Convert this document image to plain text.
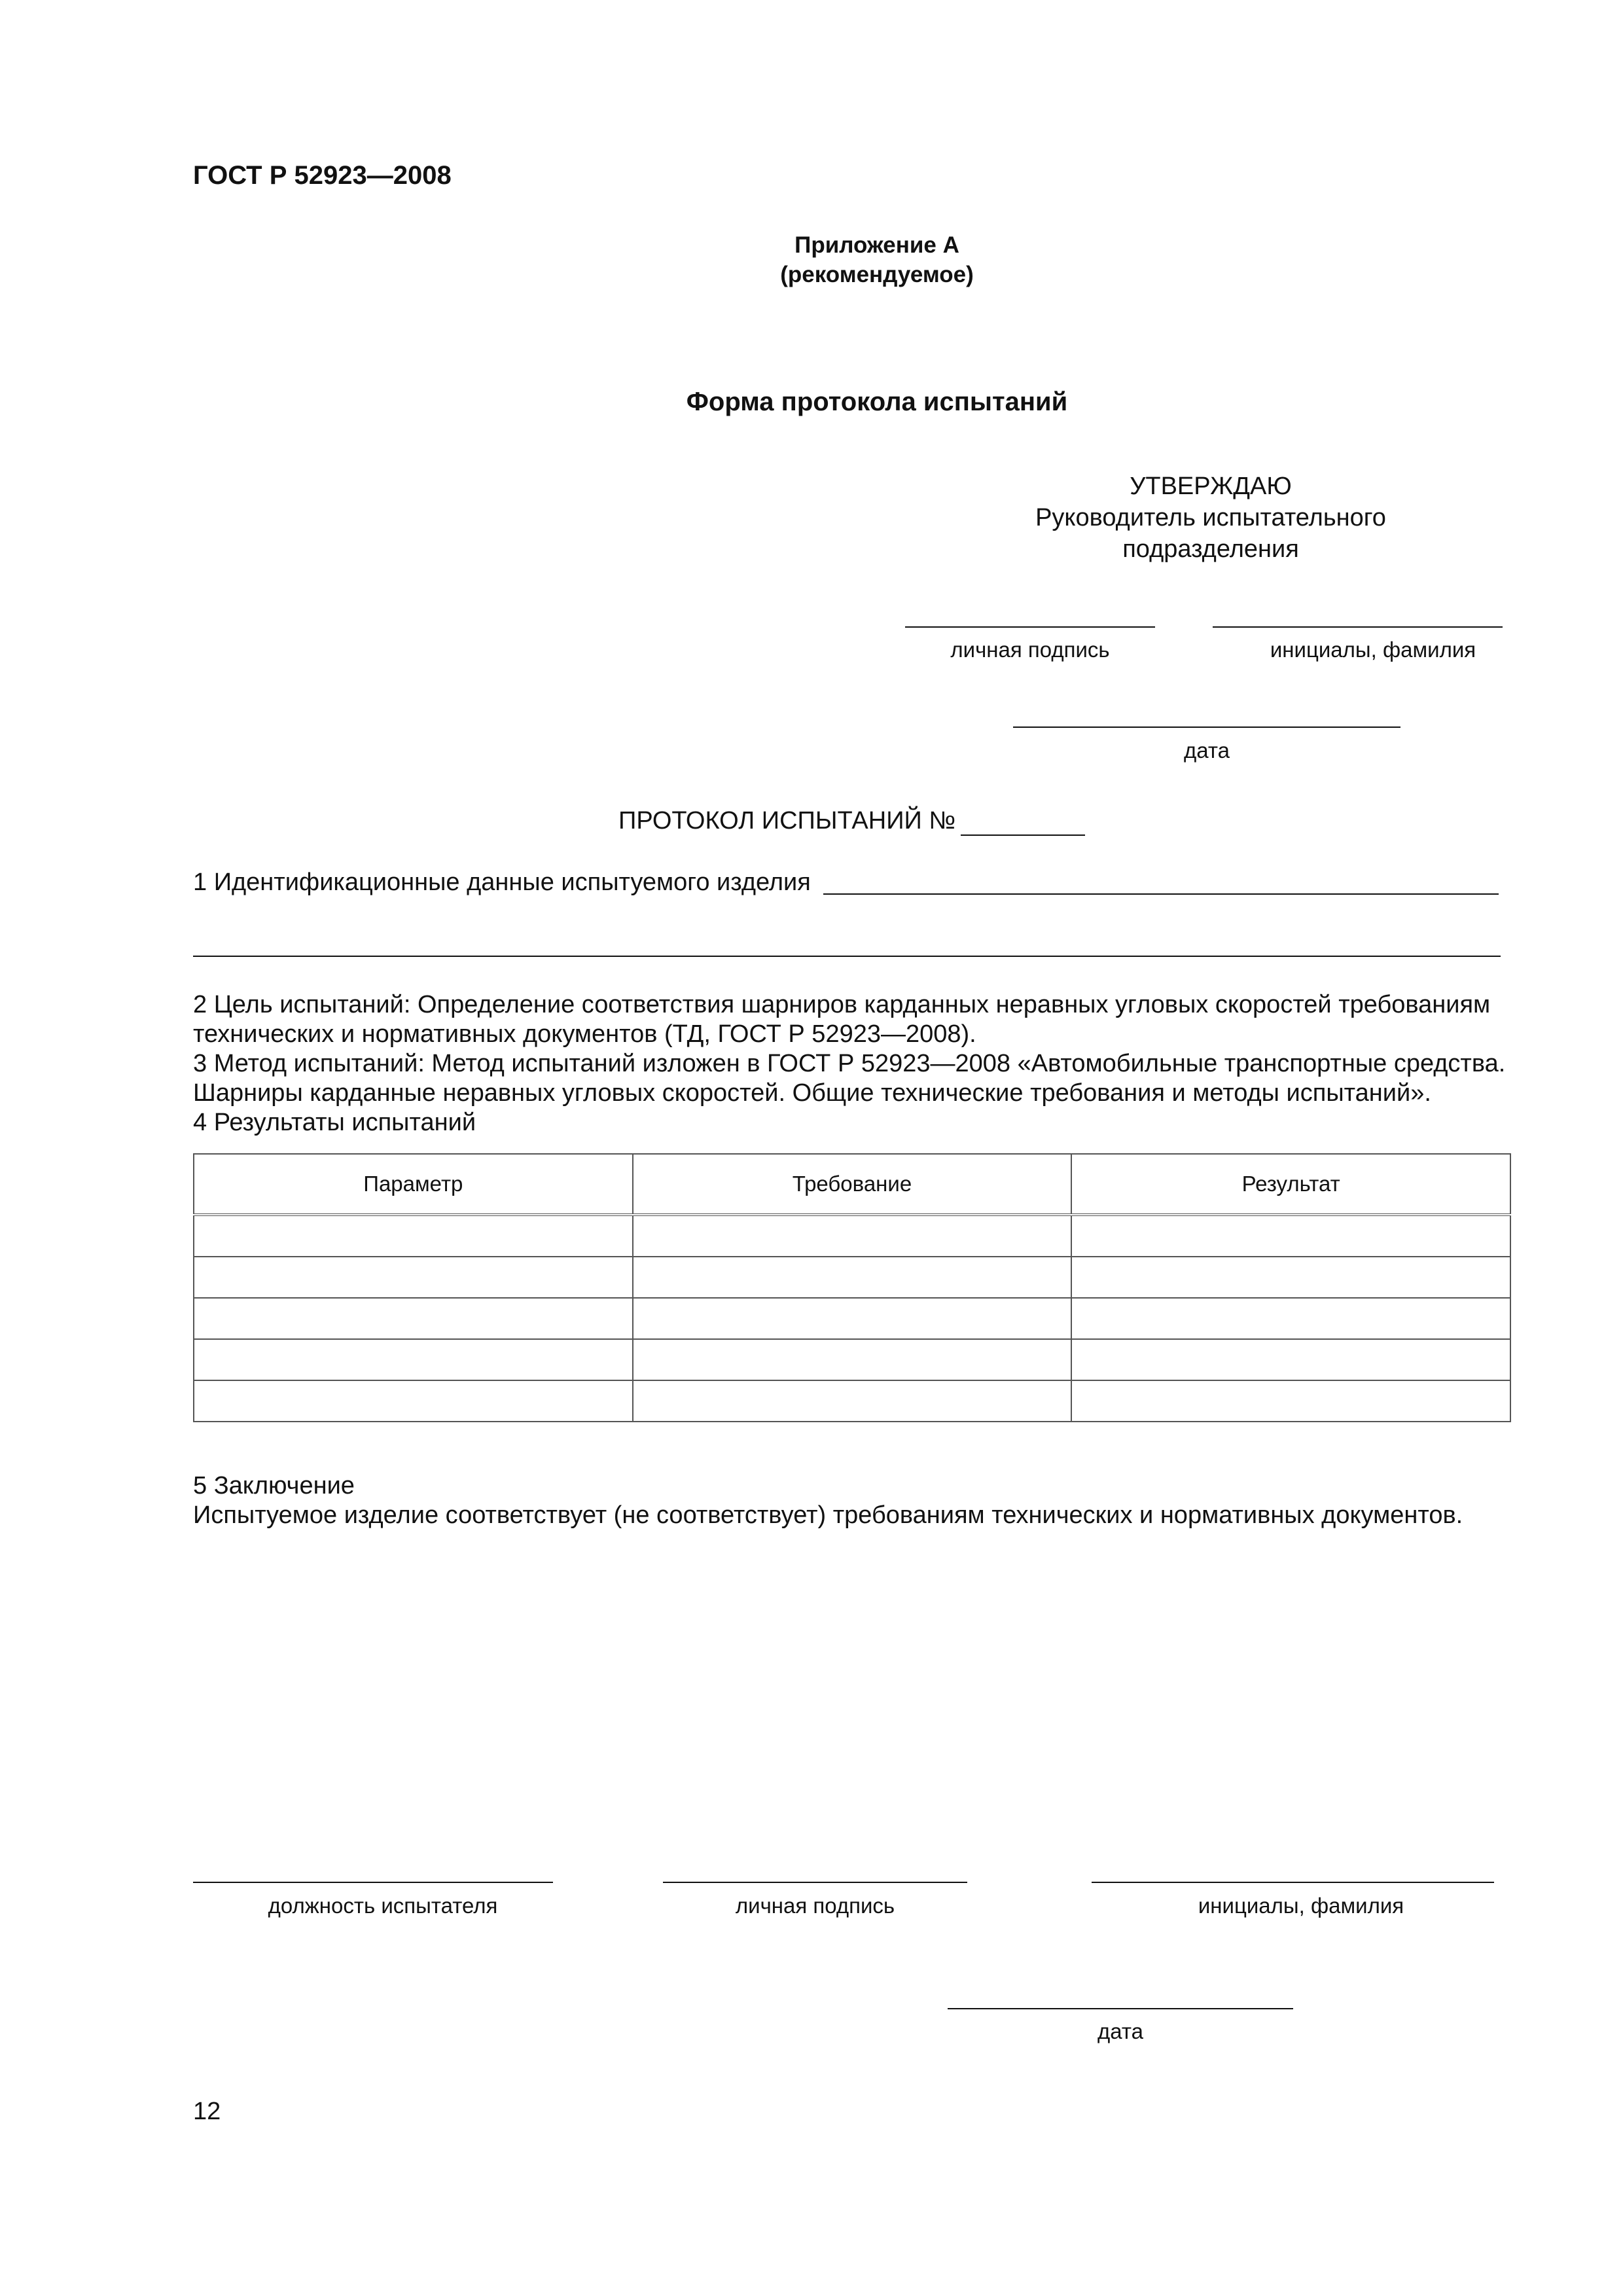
ГОСТ Р 52923—2008
Приложение А
(рекомендуемое)
Форма протокола испытаний
УТВЕРЖДАЮ
Руководитель испытательного
подразделения
личная подпись	инициалы, фамилия
дата
ПРОТОКОЛ ИСПЫТАНИЙ №
1 Идентификационные данные испытуемого изделия
2 Цель испытаний: Определение соответствия шарниров карданных неравных угловых скоростей требованиям
технических и нормативных документов (ТД, ГОСТ Р 52923—2008).
3 Метод испытаний: Метод испытаний изложен в ГОСТ Р 52923—2008 «Автомобильные транспортные средства.
Шарниры карданные неравных угловых скоростей. Общие технические требования и методы испытаний».
4 Результаты испытаний
Параметр	Требование	Результат

5 Заключение
Испытуемое изделие соответствует (не соответствует) требованиям технических и нормативных документов.
должность испытателя	личная подпись	инициалы, фамилия
дата
12
